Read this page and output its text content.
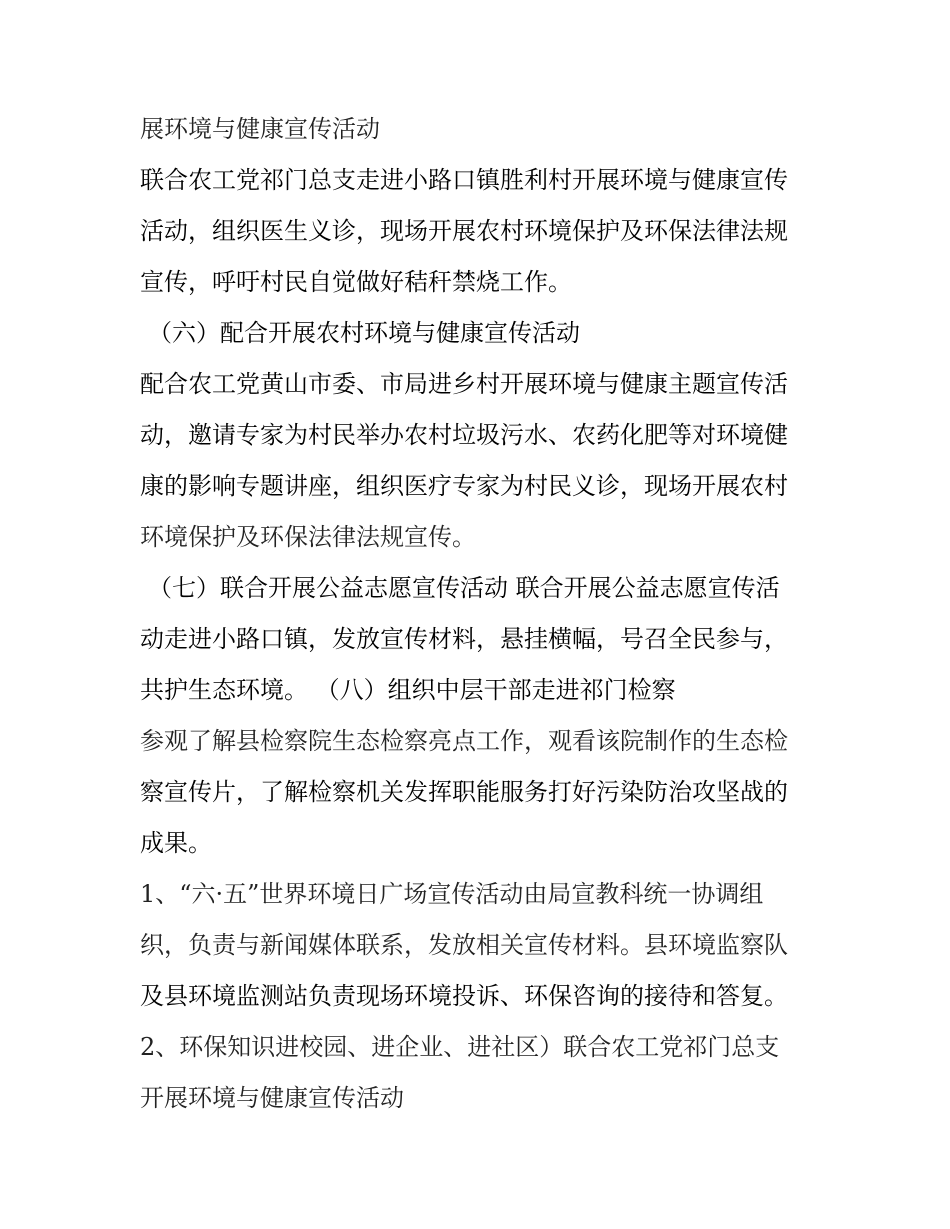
展环境与健康宣传活动
联合农工党祁门总支走进小路口镇胜利村开展环境与健康宣传
活动，组织医生义诊，现场开展农村环境保护及环保法律法规
宣传，呼吁村民自觉做好秸秆禁烧工作。
（六）配合开展农村环境与健康宣传活动
配合农工党黄山市委、市局进乡村开展环境与健康主题宣传活
动，邀请专家为村民举办农村垃圾污水、农药化肥等对环境健
康的影响专题讲座，组织医疗专家为村民义诊，现场开展农村
环境保护及环保法律法规宣传。
（七）联合开展公益志愿宣传活动 联合开展公益志愿宣传活
动走进小路口镇，发放宣传材料，悬挂横幅，号召全民参与，
共护生态环境。 （八）组织中层干部走进祁门检察
参观了解县检察院生态检察亮点工作，观看该院制作的生态检
察宣传片，了解检察机关发挥职能服务打好污染防治攻坚战的
成果。
1、“六·五”世界环境日广场宣传活动由局宣教科统一协调组
织，负责与新闻媒体联系，发放相关宣传材料。县环境监察队
及县环境监测站负责现场环境投诉、环保咨询的接待和答复。
2、环保知识进校园、进企业、进社区）联合农工党祁门总支
开展环境与健康宣传活动
